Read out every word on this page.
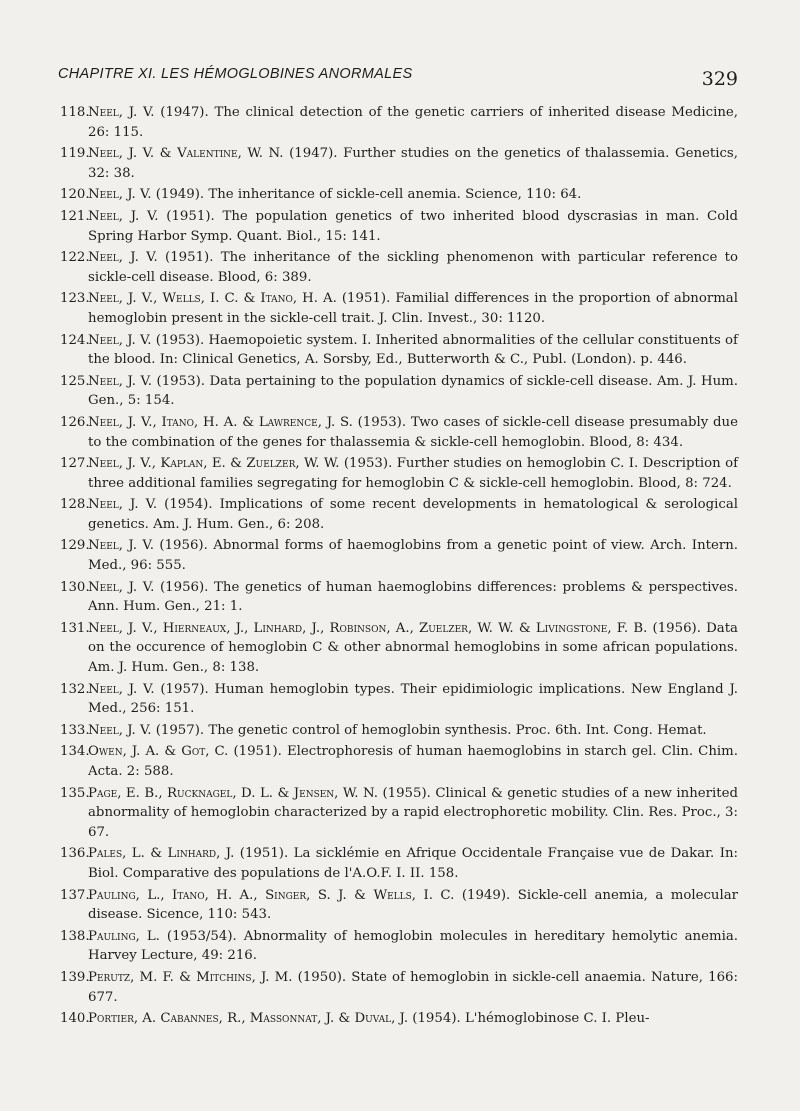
CHAPITRE XI. LES HÉMOGLOBINES ANORMALES	329
118.
Neel, J. V. (1947). The clinical detection of the genetic carriers of inherited disease Medicine, 26: 115.
119.
Neel, J. V. & Valentine, W. N. (1947). Further studies on the genetics of thalassemia. Genetics, 32: 38.
120.
Neel, J. V. (1949). The inheritance of sickle-cell anemia. Science, 110: 64.
121.
Neel, J. V. (1951). The population genetics of two inherited blood dyscrasias in man. Cold Spring Harbor Symp. Quant. Biol., 15: 141.
122.
Neel, J. V. (1951). The inheritance of the sickling phenomenon with particular reference to sickle-cell disease. Blood, 6: 389.
123.
Neel, J. V., Wells, I. C. & Itano, H. A. (1951). Familial differences in the proportion of abnormal hemoglobin present in the sickle-cell trait. J. Clin. Invest., 30: 1120.
124.
Neel, J. V. (1953). Haemopoietic system. I. Inherited abnormalities of the cellular constituents of the blood. In: Clinical Genetics, A. Sorsby, Ed., Butterworth & C., Publ. (London). p. 446.
125.
Neel, J. V. (1953). Data pertaining to the population dynamics of sickle-cell disease. Am. J. Hum. Gen., 5: 154.
126.
Neel, J. V., Itano, H. A. & Lawrence, J. S. (1953). Two cases of sickle-cell disease presumably due to the combination of the genes for thalassemia & sickle-cell hemoglobin. Blood, 8: 434.
127.
Neel, J. V., Kaplan, E. & Zuelzer, W. W. (1953). Further studies on hemoglobin C. I. Description of three additional families segregating for hemoglobin C & sickle-cell hemoglobin. Blood, 8: 724.
128.
Neel, J. V. (1954). Implications of some recent developments in hematological & serological genetics. Am. J. Hum. Gen., 6: 208.
129.
Neel, J. V. (1956). Abnormal forms of haemoglobins from a genetic point of view. Arch. Intern. Med., 96: 555.
130.
Neel, J. V. (1956). The genetics of human haemoglobins differences: problems & perspectives. Ann. Hum. Gen., 21: 1.
131.
Neel, J. V., Hierneaux, J., Linhard, J., Robinson, A., Zuelzer, W. W. & Livingstone, F. B. (1956). Data on the occurence of hemoglobin C & other abnormal hemoglobins in some african populations. Am. J. Hum. Gen., 8: 138.
132.
Neel, J. V. (1957). Human hemoglobin types. Their epidimiologic implications. New England J. Med., 256: 151.
133.
Neel, J. V. (1957). The genetic control of hemoglobin synthesis. Proc. 6th. Int. Cong. Hemat.
134.
Owen, J. A. & Got, C. (1951). Electrophoresis of human haemoglobins in starch gel. Clin. Chim. Acta. 2: 588.
135.
Page, E. B., Rucknagel, D. L. & Jensen, W. N. (1955). Clinical & genetic studies of a new inherited abnormality of hemoglobin characterized by a rapid electrophoretic mobility. Clin. Res. Proc., 3: 67.
136.
Pales, L. & Linhard, J. (1951). La sicklémie en Afrique Occidentale Française vue de Dakar. In: Biol. Comparative des populations de l'A.O.F. I. II. 158.
137.
Pauling, L., Itano, H. A., Singer, S. J. & Wells, I. C. (1949). Sickle-cell anemia, a molecular disease. Sicence, 110: 543.
138.
Pauling, L. (1953/54). Abnormality of hemoglobin molecules in hereditary hemolytic anemia. Harvey Lecture, 49: 216.
139.
Perutz, M. F. & Mitchins, J. M. (1950). State of hemoglobin in sickle-cell anaemia. Nature, 166: 677.
140.
Portier, A. Cabannes, R., Massonnat, J. & Duval, J. (1954). L'hémoglobinose C. I. Pleu-
